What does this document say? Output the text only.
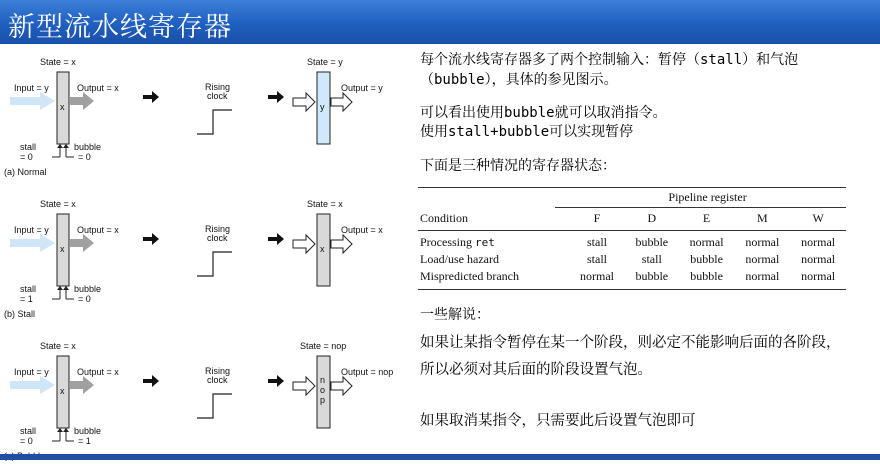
新型流水线寄存器
State = x
x
Input = y	Output = x
stall
= 0
bubble
= 0
(a) Normal
Rising
clock
State = y
y
Output = y
State = x
x
Input = y	Output = x
stall
= 1
bubble
= 0
(b) Stall
Rising
clock
State = x
x
Output = x
State = x
x
Input = y	Output = x
stall
= 0
bubble
= 1
Rising
clock
State = nop
n
o
p
Output = nop
每个流水线寄存器多了两个控制输入：暂停（stall）和气泡
（bubble），具体的参见图示。
可以看出使用bubble就可以取消指令。
使用stall+bubble可以实现暂停
下面是三种情况的寄存器状态：
	Pipeline register				
Condition	F	D	E	M	W

Processing ret	stall	bubble	normal	normal	normal
Load/use hazard	stall	stall	bubble	normal	normal
Mispredicted branch	normal	bubble	bubble	normal	normal
一些解说：
如果让某指令暂停在某一个阶段，则必定不能影响后面的各阶段，
所以必须对其后面的阶段设置气泡。
如果取消某指令，只需要此后设置气泡即可
